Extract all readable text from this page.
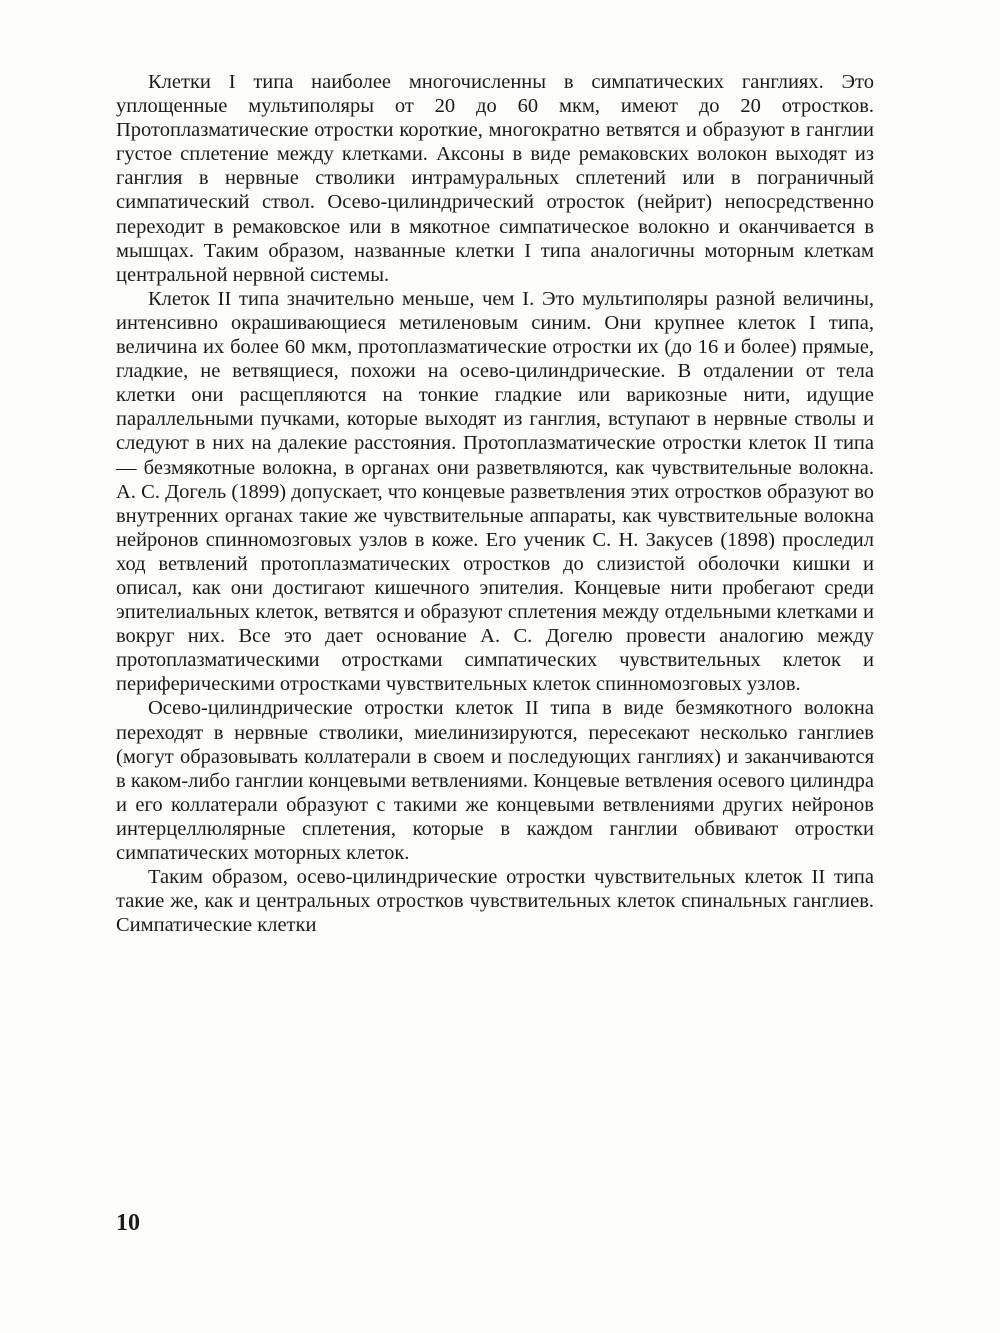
Клетки I типа наиболее многочисленны в симпатических ганглиях. Это уплощенные мультиполяры от 20 до 60 мкм, имеют до 20 отростков. Протоплазматические отростки короткие, многократно ветвятся и образуют в ганглии густое сплетение между клетками. Аксоны в виде ремаковских волокон выходят из ганглия в нервные стволики интрамуральных сплетений или в пограничный симпатический ствол. Осево-цилиндрический отросток (нейрит) непосредственно переходит в ремаковское или в мякотное симпатическое волокно и оканчивается в мышцах. Таким образом, названные клетки I типа аналогичны моторным клеткам центральной нервной системы.

Клеток II типа значительно меньше, чем I. Это мультиполяры разной величины, интенсивно окрашивающиеся метиленовым синим. Они крупнее клеток I типа, величина их более 60 мкм, протоплазматические отростки их (до 16 и более) прямые, гладкие, не ветвящиеся, похожи на осево-цилиндрические. В отдалении от тела клетки они расщепляются на тонкие гладкие или варикозные нити, идущие параллельными пучками, которые выходят из ганглия, вступают в нервные стволы и следуют в них на далекие расстояния. Протоплазматические отростки клеток II типа — безмякотные волокна, в органах они разветвляются, как чувствительные волокна. А. С. Догель (1899) допускает, что концевые разветвления этих отростков образуют во внутренних органах такие же чувствительные аппараты, как чувствительные волокна нейронов спинномозговых узлов в коже. Его ученик С. Н. Закусев (1898) проследил ход ветвлений протоплазматических отростков до слизистой оболочки кишки и описал, как они достигают кишечного эпителия. Концевые нити пробегают среди эпителиальных клеток, ветвятся и образуют сплетения между отдельными клетками и вокруг них. Все это дает основание А. С. Догелю провести аналогию между протоплазматическими отростками симпатических чувствительных клеток и периферическими отростками чувствительных клеток спинномозговых узлов.

Осево-цилиндрические отростки клеток II типа в виде безмякотного волокна переходят в нервные стволики, миелинизируются, пересекают несколько ганглиев (могут образовывать коллатерали в своем и последующих ганглиях) и заканчиваются в каком-либо ганглии концевыми ветвлениями. Концевые ветвления осевого цилиндра и его коллатерали образуют с такими же концевыми ветвлениями других нейронов интерцеллюлярные сплетения, которые в каждом ганглии обвивают отростки симпатических моторных клеток.

Таким образом, осево-цилиндрические отростки чувствительных клеток II типа такие же, как и центральных отростков чувствительных клеток спинальных ганглиев. Симпатические клетки

10
